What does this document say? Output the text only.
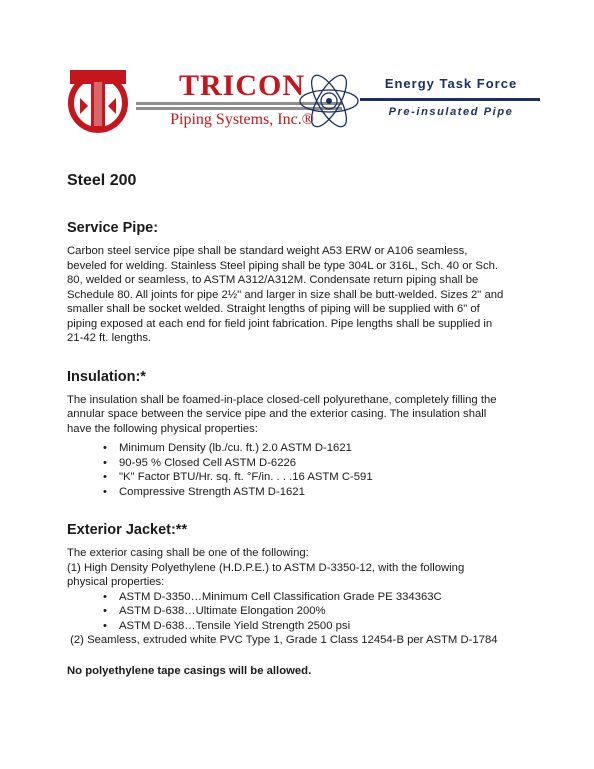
TRICON
Piping Systems, Inc.®
Energy Task Force
Pre-insulated Pipe
Steel 200
Service Pipe:

Carbon steel service pipe shall be standard weight A53 ERW or A106 seamless,
beveled for welding. Stainless Steel piping shall be type 304L or 316L, Sch. 40 or Sch.
80, welded or seamless, to ASTM A312/A312M. Condensate return piping shall be
Schedule 80. All joints for pipe 2½" and larger in size shall be butt-welded. Sizes 2" and
smaller shall be socket welded. Straight lengths of piping will be supplied with 6" of
piping exposed at each end for field joint fabrication. Pipe lengths shall be supplied in
21-42 ft. lengths.

Insulation:*

The insulation shall be foamed-in-place closed-cell polyurethane, completely filling the
annular space between the service pipe and the exterior casing. The insulation shall
have the following physical properties:

• Minimum Density (lb./cu. ft.) 2.0 ASTM D-1621
• 90-95 % Closed Cell ASTM D-6226
• "K" Factor BTU/Hr. sq. ft. °F/in. . . .16 ASTM C-591
• Compressive Strength ASTM D-1621
Exterior Jacket:**

The exterior casing shall be one of the following:
(1) High Density Polyethylene (H.D.P.E.) to ASTM D-3350-12, with the following
physical properties:

• ASTM D-3350…Minimum Cell Classification Grade PE 334363C
• ASTM D-638…Ultimate Elongation 200%
• ASTM D-638…Tensile Yield Strength 2500 psi

(2) Seamless, extruded white PVC Type 1, Grade 1 Class 12454-B per ASTM D-1784

No polyethylene tape casings will be allowed.
